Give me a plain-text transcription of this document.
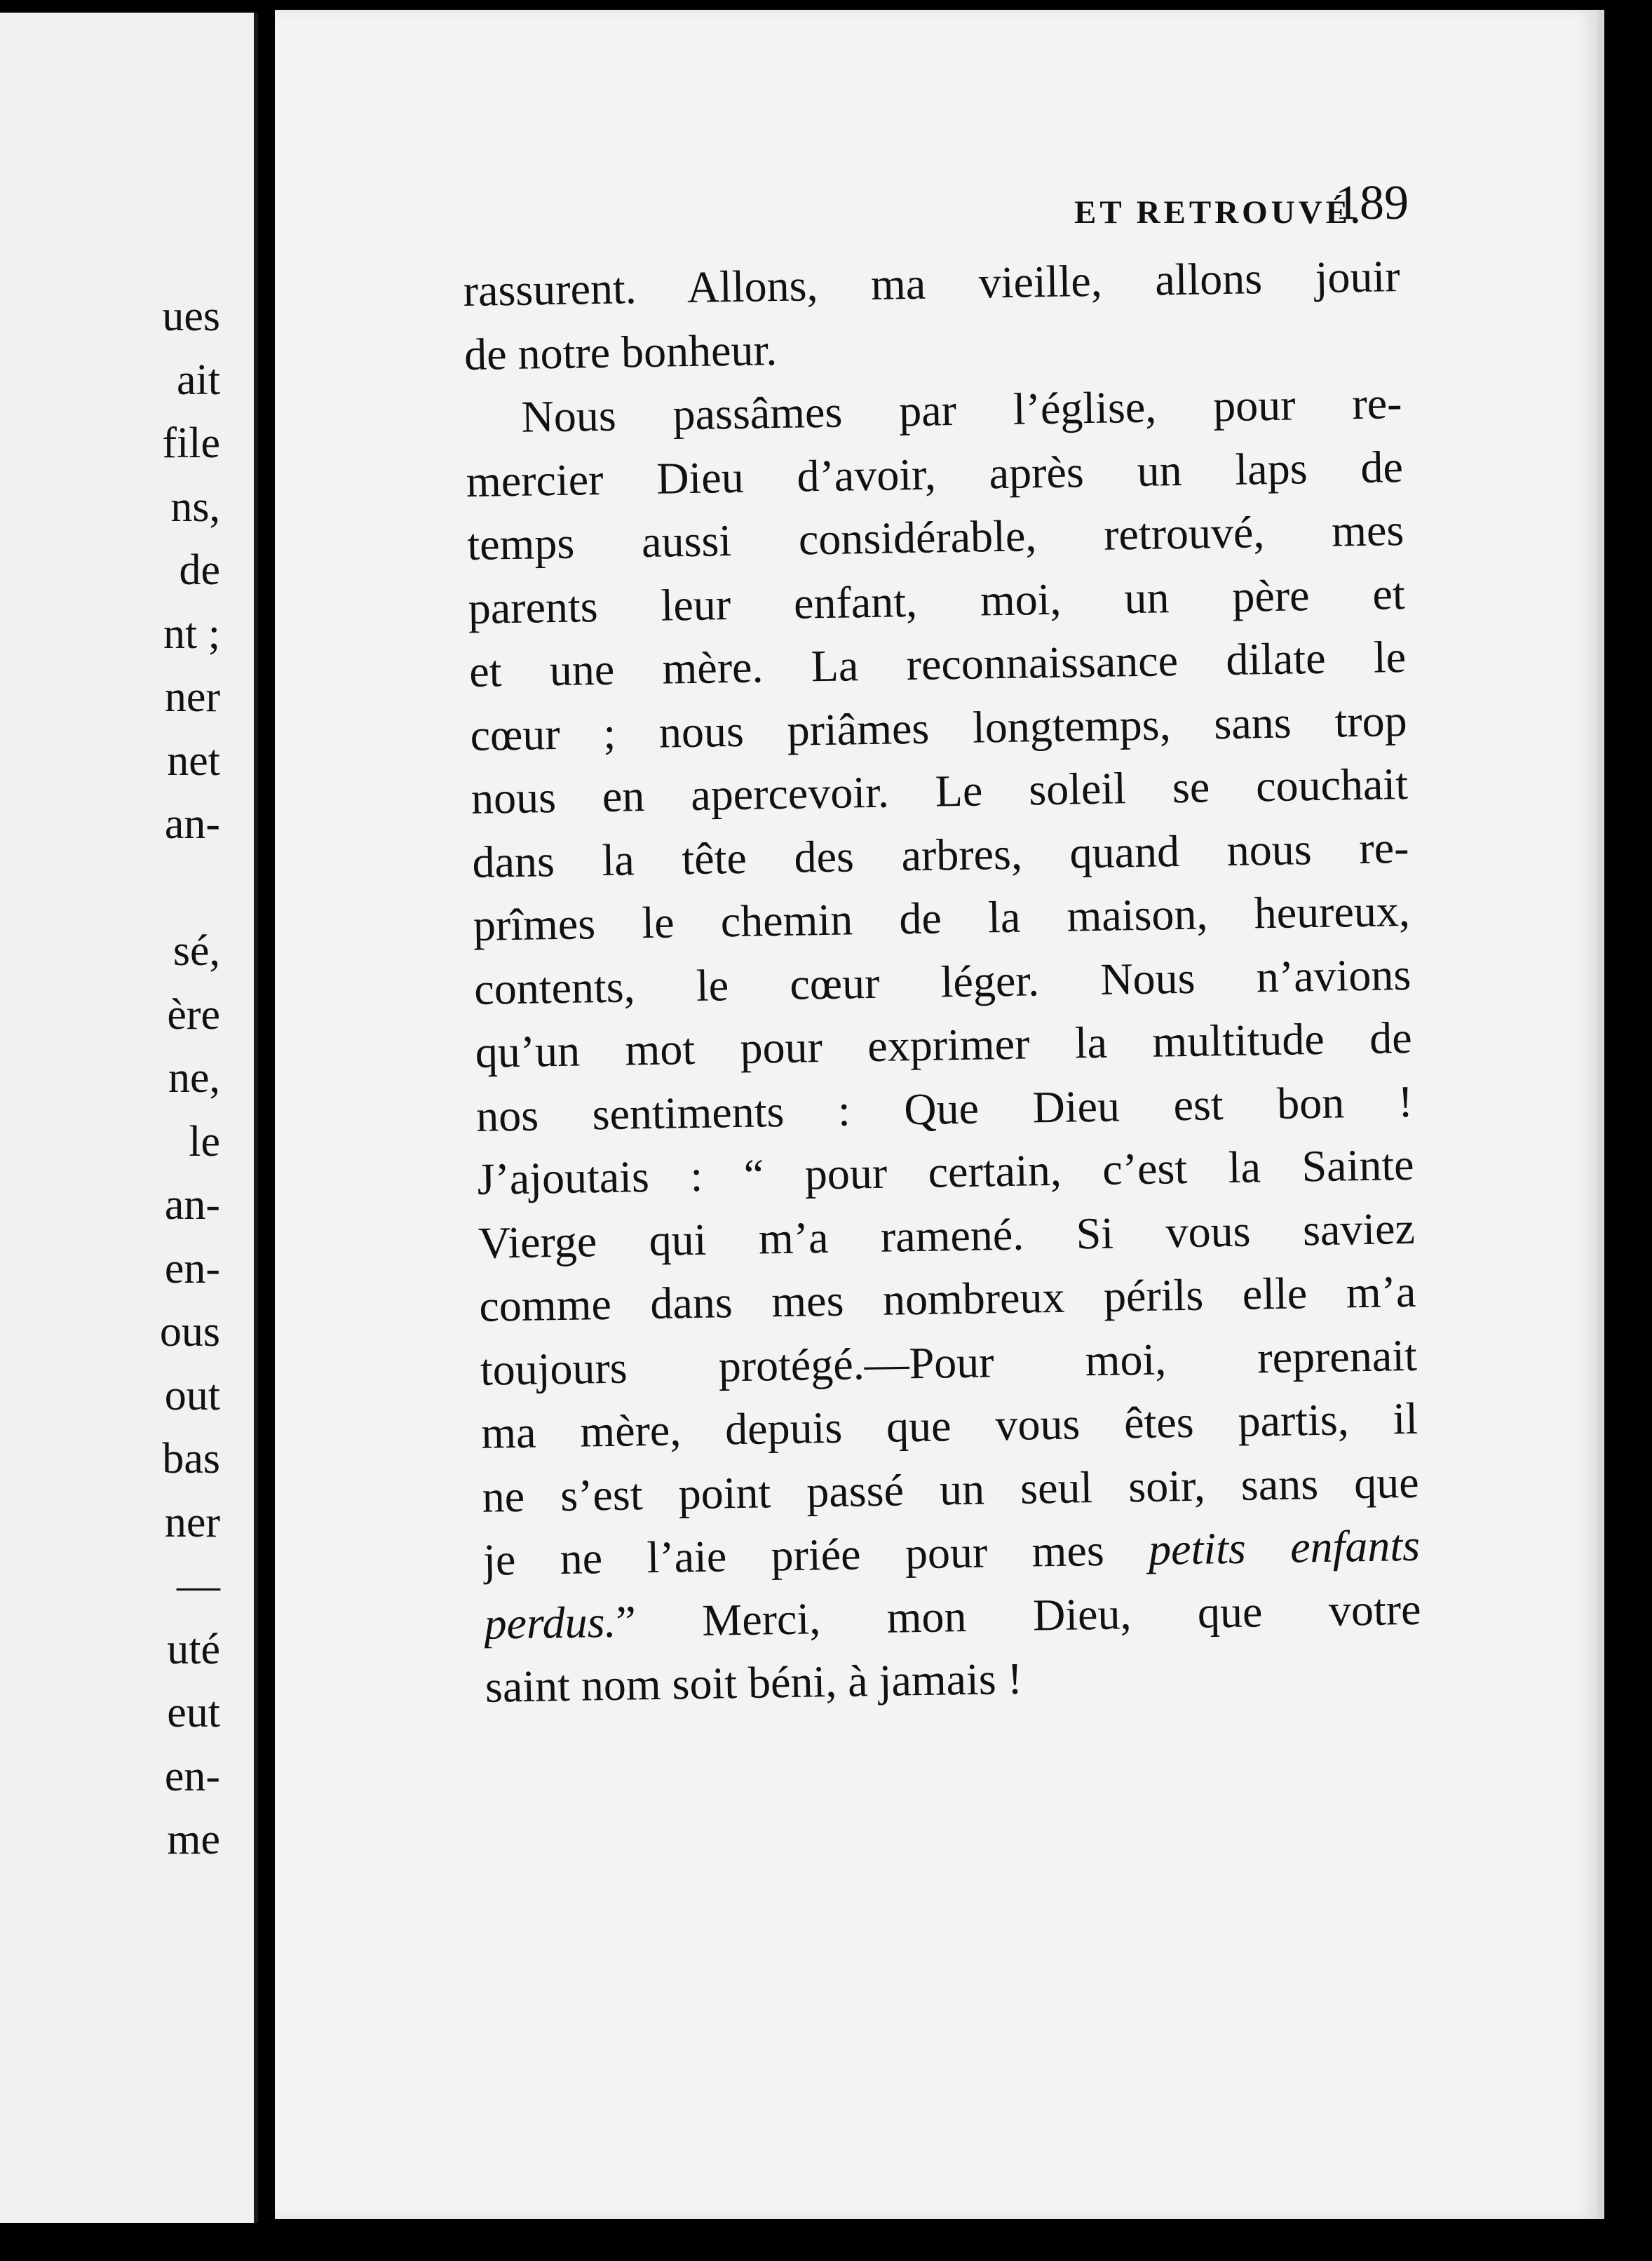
ues
ait
file
ns,
de
nt ;
ner
net
an-
sé,
ère
ne,
le
an-
en-
ous
out
bas
ner
—
uté
eut
en-
me
ET RETROUVÉ.
189
rassurent. Allons, ma vieille, allons jouir
de notre bonheur.
Nous passâmes par l’église, pour re-
mercier Dieu d’avoir, après un laps de
temps aussi considérable, retrouvé, mes
parents leur enfant, moi, un père et
et une mère. La reconnaissance dilate le
cœur ; nous priâmes longtemps, sans trop
nous en apercevoir. Le soleil se couchait
dans la tête des arbres, quand nous re-
prîmes le chemin de la maison, heureux,
contents, le cœur léger. Nous n’avions
qu’un mot pour exprimer la multitude de
nos sentiments : Que Dieu est bon !
J’ajoutais : “ pour certain, c’est la Sainte
Vierge qui m’a ramené. Si vous saviez
comme dans mes nombreux périls elle m’a
toujours protégé.—Pour moi, reprenait
ma mère, depuis que vous êtes partis, il
ne s’est point passé un seul soir, sans que
je ne l’aie priée pour mes petits enfants
perdus.” Merci, mon Dieu, que votre
saint nom soit béni, à jamais !
